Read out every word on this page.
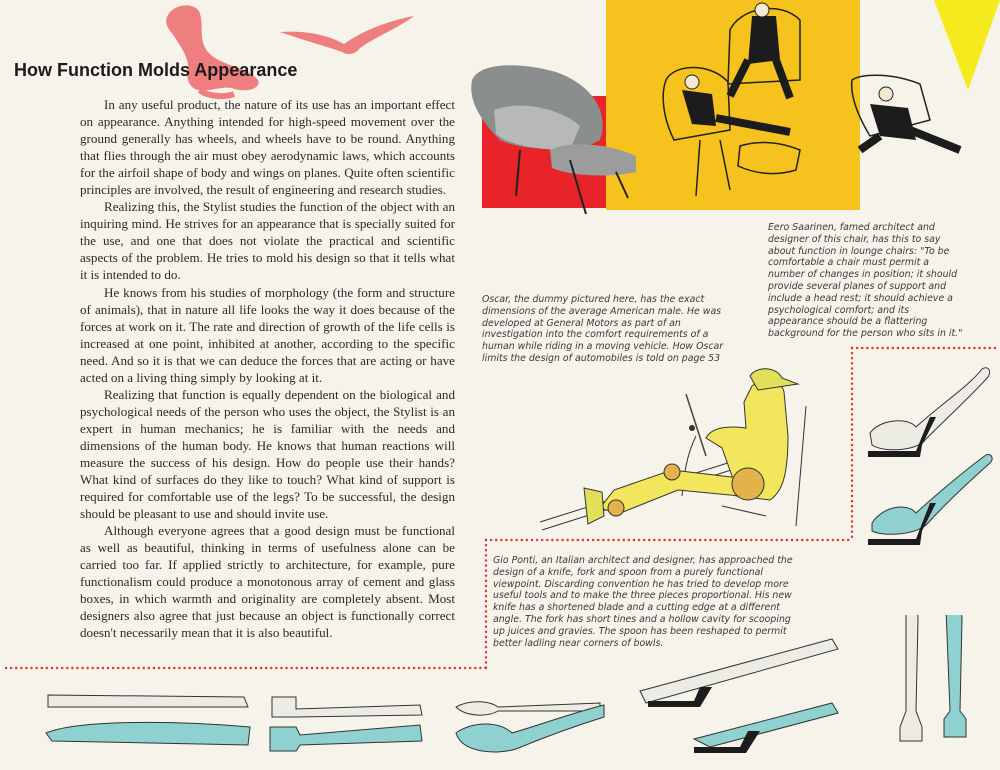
How Function Molds Appearance

In any useful product, the nature of its use has an important effect on appearance. Anything intended for high-speed movement over the ground generally has wheels, and wheels have to be round. Anything that flies through the air must obey aerodynamic laws, which accounts for the airfoil shape of body and wings on planes. Quite often scientific principles are involved, the result of engineering and research studies.

Realizing this, the Stylist studies the function of the object with an inquiring mind. He strives for an appearance that is specially suited for the use, and one that does not violate the practical and scientific aspects of the problem. He tries to mold his design so that it tells what it is intended to do.

He knows from his studies of morphology (the form and structure of animals), that in nature all life looks the way it does because of the forces at work on it. The rate and direction of growth of the life cells is increased at one point, inhibited at another, according to the specific need. And so it is that we can deduce the forces that are acting or have acted on a living thing simply by looking at it.

Realizing that function is equally dependent on the biological and psychological needs of the person who uses the object, the Stylist is an expert in human mechanics; he is familiar with the needs and dimensions of the human body. He knows that human reactions will measure the success of his design. How do people use their hands? What kind of surfaces do they like to touch? What kind of support is required for comfortable use of the legs? To be successful, the design should be pleasant to use and should invite use.

Although everyone agrees that a good design must be functional as well as beautiful, thinking in terms of usefulness alone can be carried too far. If applied strictly to architecture, for example, pure functionalism could produce a monotonous array of cement and glass boxes, in which warmth and originality are completely absent. Most designers also agree that just because an object is functionally correct doesn't necessarily mean that it is also beautiful.

Eero Saarinen, famed architect and designer of this chair, has this to say about function in lounge chairs: "To be comfortable a chair must permit a number of changes in position; it should provide several planes of support and include a head rest; it should achieve a psychological comfort; and its appearance should be a flattering background for the person who sits in it."
Oscar, the dummy pictured here, has the exact dimensions of the average American male. He was developed at General Motors as part of an investigation into the comfort requirements of a human while riding in a moving vehicle. How Oscar limits the design of automobiles is told on page 53
Gio Ponti, an Italian architect and designer, has approached the design of a knife, fork and spoon from a purely functional viewpoint. Discarding convention he has tried to develop more useful tools and to make the three pieces proportional. His new knife has a shortened blade and a cutting edge at a different angle. The fork has short tines and a hollow cavity for scooping up juices and gravies. The spoon has been reshaped to permit better ladling near corners of bowls.
